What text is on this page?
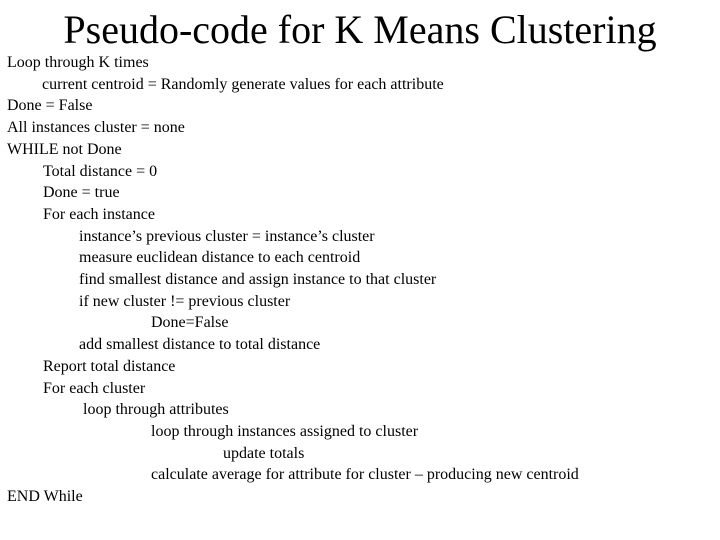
Pseudo-code for K Means Clustering
Loop through K times
current centroid = Randomly generate values for each attribute
Done = False
All instances cluster = none
WHILE not Done
Total distance = 0
Done = true
For each instance
instance’s previous cluster = instance’s cluster
measure euclidean distance to each centroid
find smallest distance and assign instance to that cluster
if new cluster != previous cluster
Done=False
add smallest distance to total distance
Report total distance
For each cluster
loop through attributes
loop through instances assigned to cluster
update totals
calculate average for attribute for cluster – producing new centroid
END While
